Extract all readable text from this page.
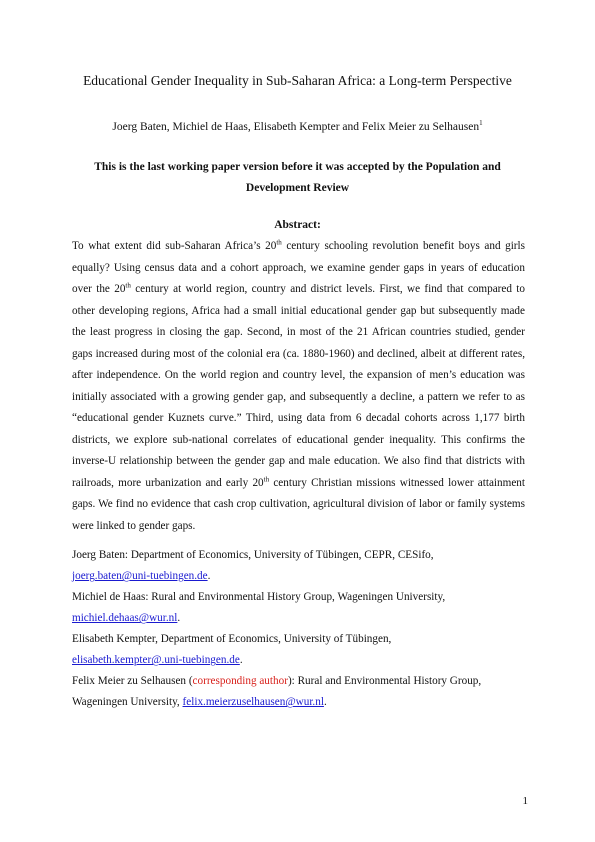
Educational Gender Inequality in Sub-Saharan Africa: a Long-term Perspective
Joerg Baten, Michiel de Haas, Elisabeth Kempter and Felix Meier zu Selhausen$^1$
This is the last working paper version before it was accepted by the Population and
Development Review
Abstract:
To what extent did sub-Saharan Africa’s 20th century schooling revolution benefit boys and girls equally? Using census data and a cohort approach, we examine gender gaps in years of education over the 20th century at world region, country and district levels. First, we find that compared to other developing regions, Africa had a small initial educational gender gap but subsequently made the least progress in closing the gap. Second, in most of the 21 African countries studied, gender gaps increased during most of the colonial era (ca. 1880-1960) and declined, albeit at different rates, after independence. On the world region and country level, the expansion of men’s education was initially associated with a growing gender gap, and subsequently a decline, a pattern we refer to as “educational gender Kuznets curve.” Third, using data from 6 decadal cohorts across 1,177 birth districts, we explore sub-national correlates of educational gender inequality. This confirms the inverse-U relationship between the gender gap and male education. We also find that districts with railroads, more urbanization and early 20th century Christian missions witnessed lower attainment gaps. We find no evidence that cash crop cultivation, agricultural division of labor or family systems were linked to gender gaps.
Joerg Baten: Department of Economics, University of Tübingen, CEPR, CESifo,
joerg.baten@uni-tuebingen.de.
Michiel de Haas: Rural and Environmental History Group, Wageningen University,
michiel.dehaas@wur.nl.
Elisabeth Kempter, Department of Economics, University of Tübingen,
elisabeth.kempter@.uni-tuebingen.de.
Felix Meier zu Selhausen (corresponding author): Rural and Environmental History Group,
Wageningen University, felix.meierzuselhausen@wur.nl.
1
